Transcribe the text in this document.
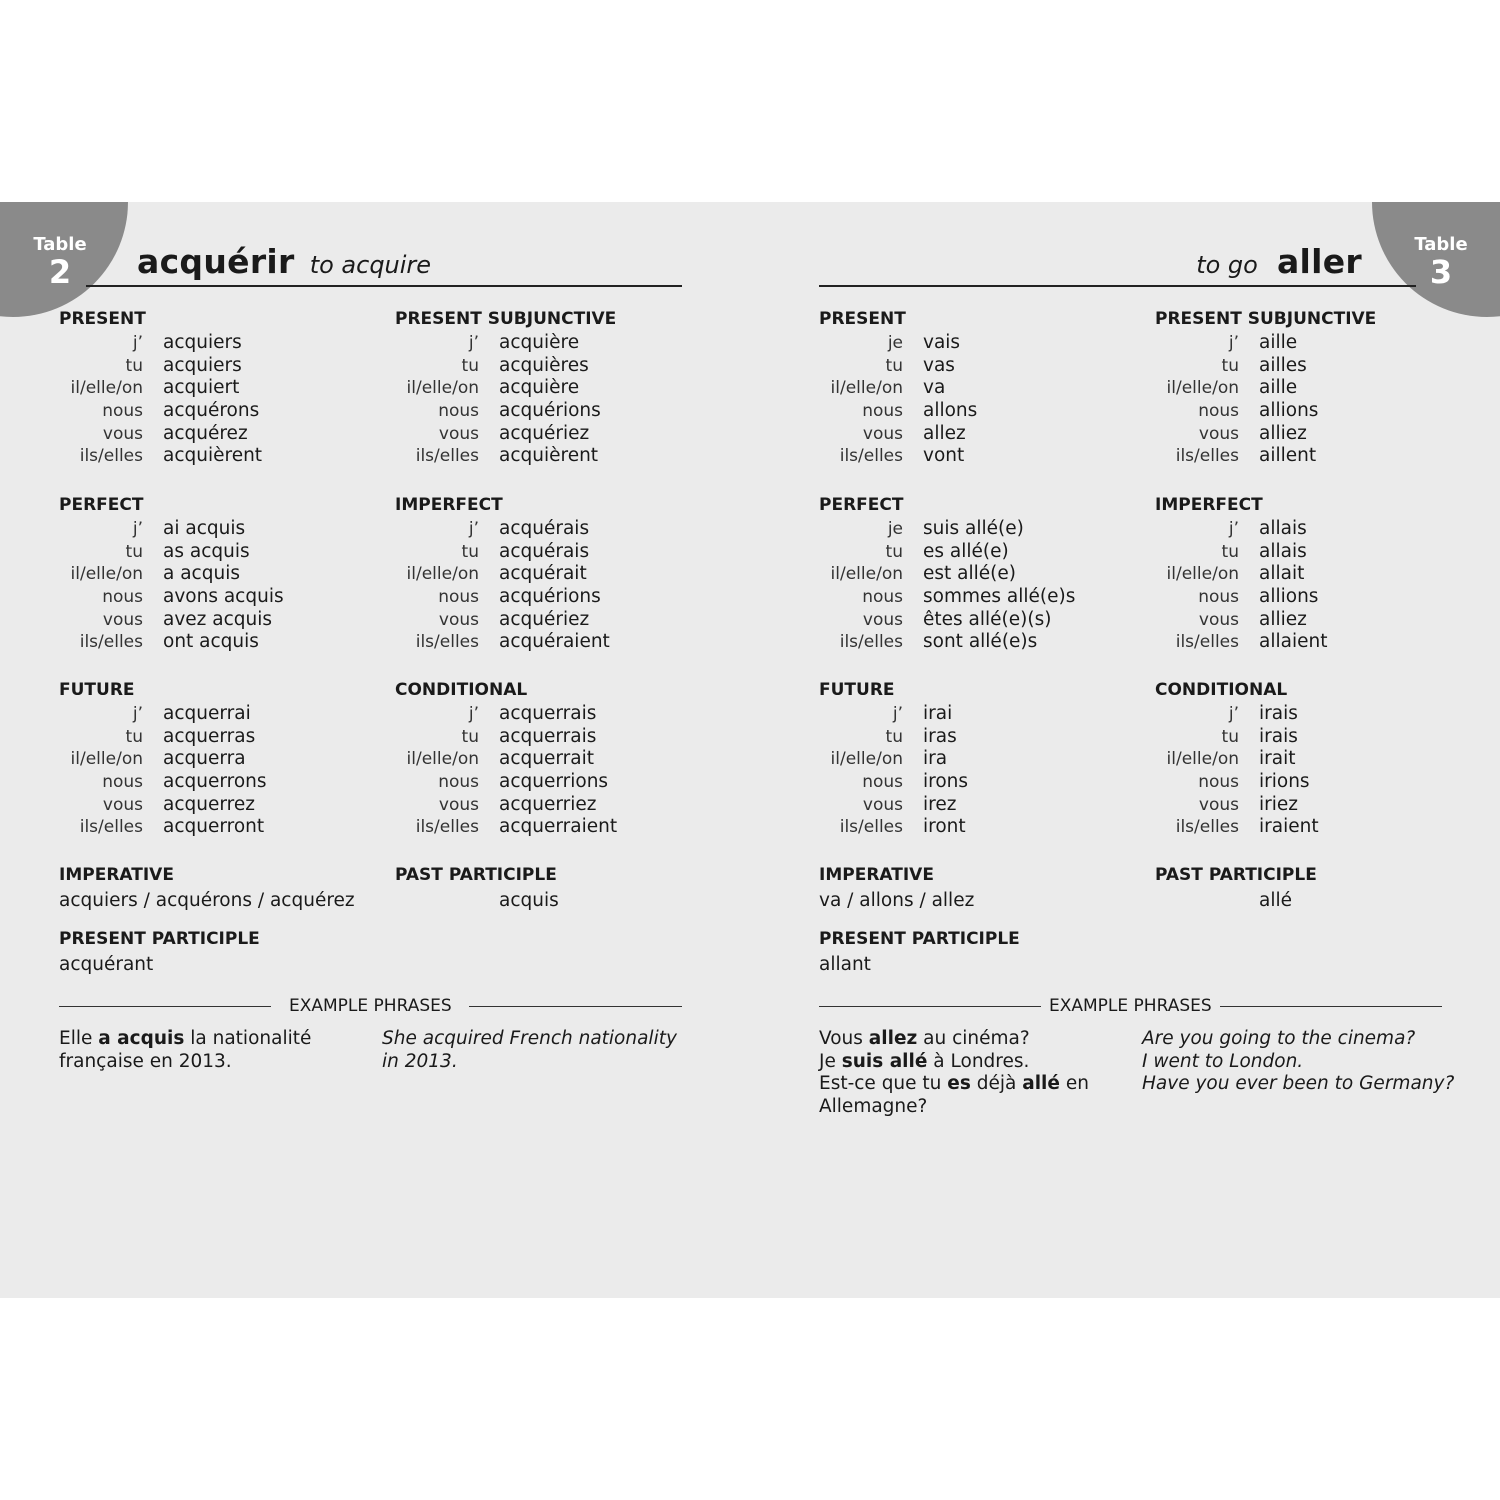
Table
2	acquérir to acquire
PRESENT
j’ acquiers
tu acquiers
il/elle/on acquiert
nous acquérons
vous acquérez
ils/elles acquièrent
PRESENT SUBJUNCTIVE
j’ acquière
tu acquières
il/elle/on acquière
nous acquérions
vous acquériez
ils/elles acquièrent
PERFECT
j’ ai acquis
tu as acquis
il/elle/on a acquis
nous avons acquis
vous avez acquis
ils/elles ont acquis
IMPERFECT
j’ acquérais
tu acquérais
il/elle/on acquérait
nous acquérions
vous acquériez
ils/elles acquéraient
FUTURE
j’ acquerrai
tu acquerras
il/elle/on acquerra
nous acquerrons
vous acquerrez
ils/elles acquerront
CONDITIONAL
j’ acquerrais
tu acquerrais
il/elle/on acquerrait
nous acquerrions
vous acquerriez
ils/elles acquerraient
IMPERATIVE
acquiers / acquérons / acquérez
PAST PARTICIPLE
acquis
PRESENT PARTICIPLE
acquérant
EXAMPLE PHRASES
Elle a acquis la nationalité
française en 2013.
She acquired French nationality
in 2013.
Table
3
to go aller
PRESENT
je vais
tu vas
il/elle/on va
nous allons
vous allez
ils/elles vont
PRESENT SUBJUNCTIVE
j’ aille
tu ailles
il/elle/on aille
nous allions
vous alliez
ils/elles aillent
PERFECT
je suis allé(e)
tu es allé(e)
il/elle/on est allé(e)
nous sommes allé(e)s
vous êtes allé(e)(s)
ils/elles sont allé(e)s
IMPERFECT
j’ allais
tu allais
il/elle/on allait
nous allions
vous alliez
ils/elles allaient
FUTURE
j’ irai
tu iras
il/elle/on ira
nous irons
vous irez
ils/elles iront
CONDITIONAL
j’ irais
tu irais
il/elle/on irait
nous irions
vous iriez
ils/elles iraient
IMPERATIVE
va / allons / allez
PAST PARTICIPLE
allé
PRESENT PARTICIPLE
allant
EXAMPLE PHRASES
Vous allez au cinéma?
Je suis allé à Londres.
Est-ce que tu es déjà allé en
Allemagne?
Are you going to the cinema?
I went to London.
Have you ever been to Germany?
